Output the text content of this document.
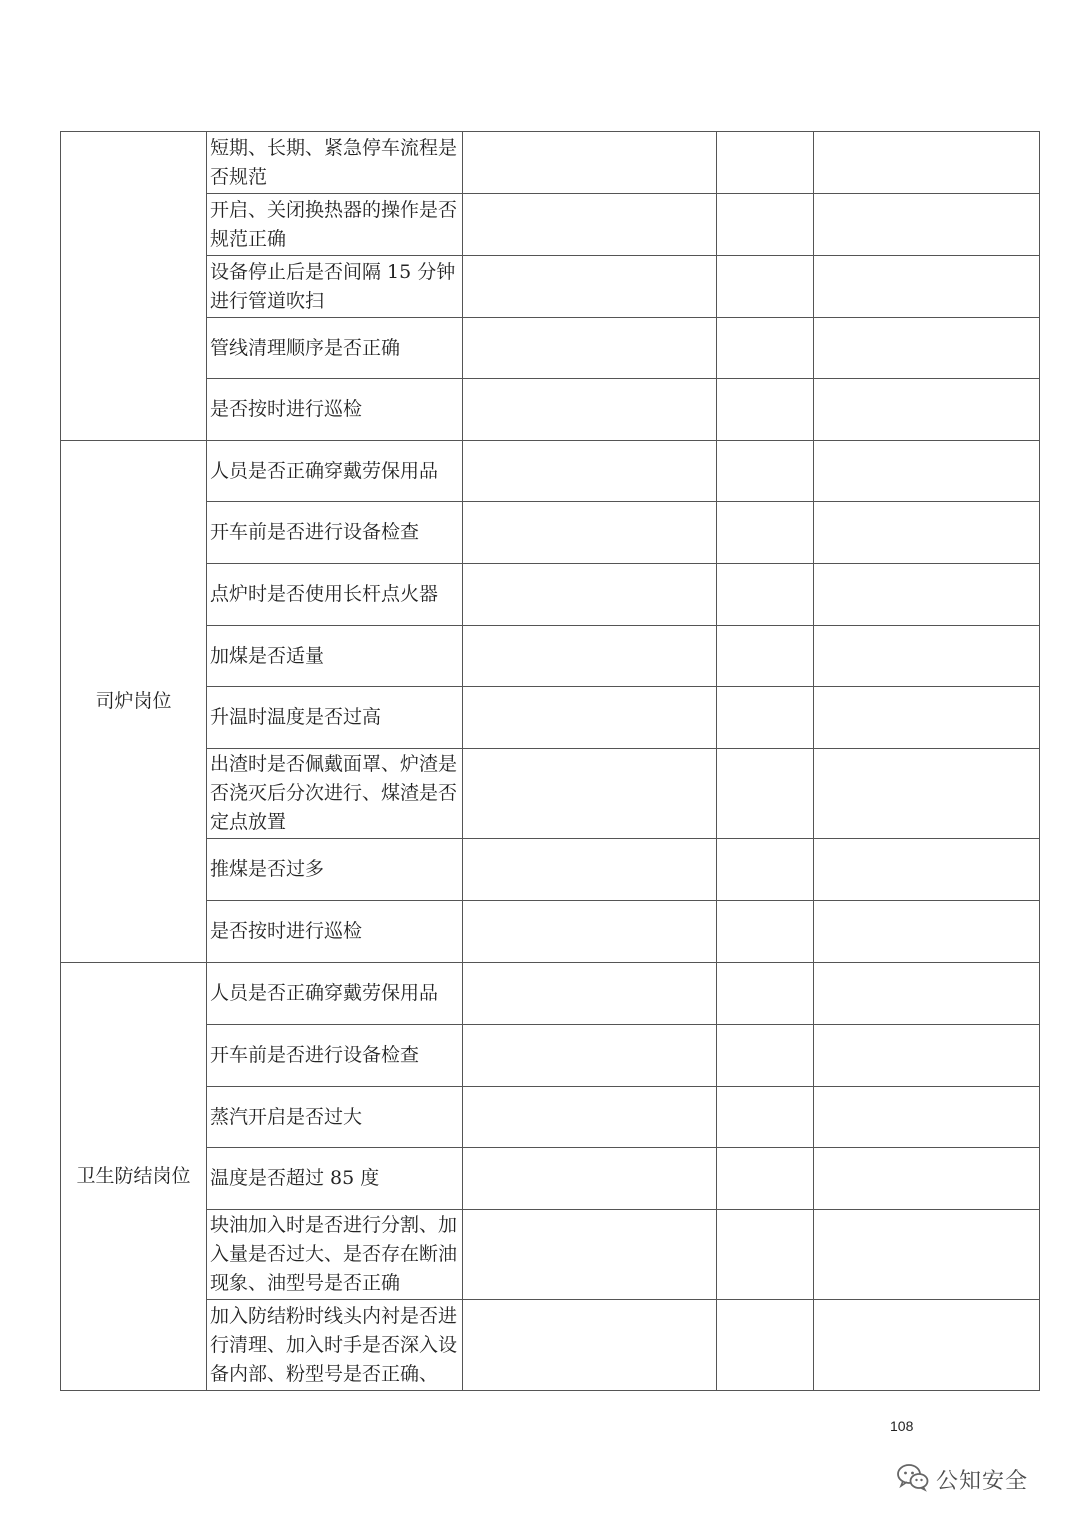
	短期、长期、紧急停车流程是否规范			
	开启、关闭换热器的操作是否规范正确			
	设备停止后是否间隔 15 分钟进行管道吹扫			
	管线清理顺序是否正确			
	是否按时进行巡检			
司炉岗位	人员是否正确穿戴劳保用品			
	开车前是否进行设备检查			
	点炉时是否使用长杆点火器			
	加煤是否适量			
	升温时温度是否过高			
	出渣时是否佩戴面罩、炉渣是否浇灭后分次进行、煤渣是否定点放置			
	推煤是否过多			
	是否按时进行巡检			
卫生防结岗位	人员是否正确穿戴劳保用品			
	开车前是否进行设备检查			
	蒸汽开启是否过大			
	温度是否超过 85 度			
	块油加入时是否进行分割、加入量是否过大、是否存在断油现象、油型号是否正确			
	加入防结粉时线头内衬是否进行清理、加入时手是否深入设备内部、粉型号是否正确、			
108
公知安全
